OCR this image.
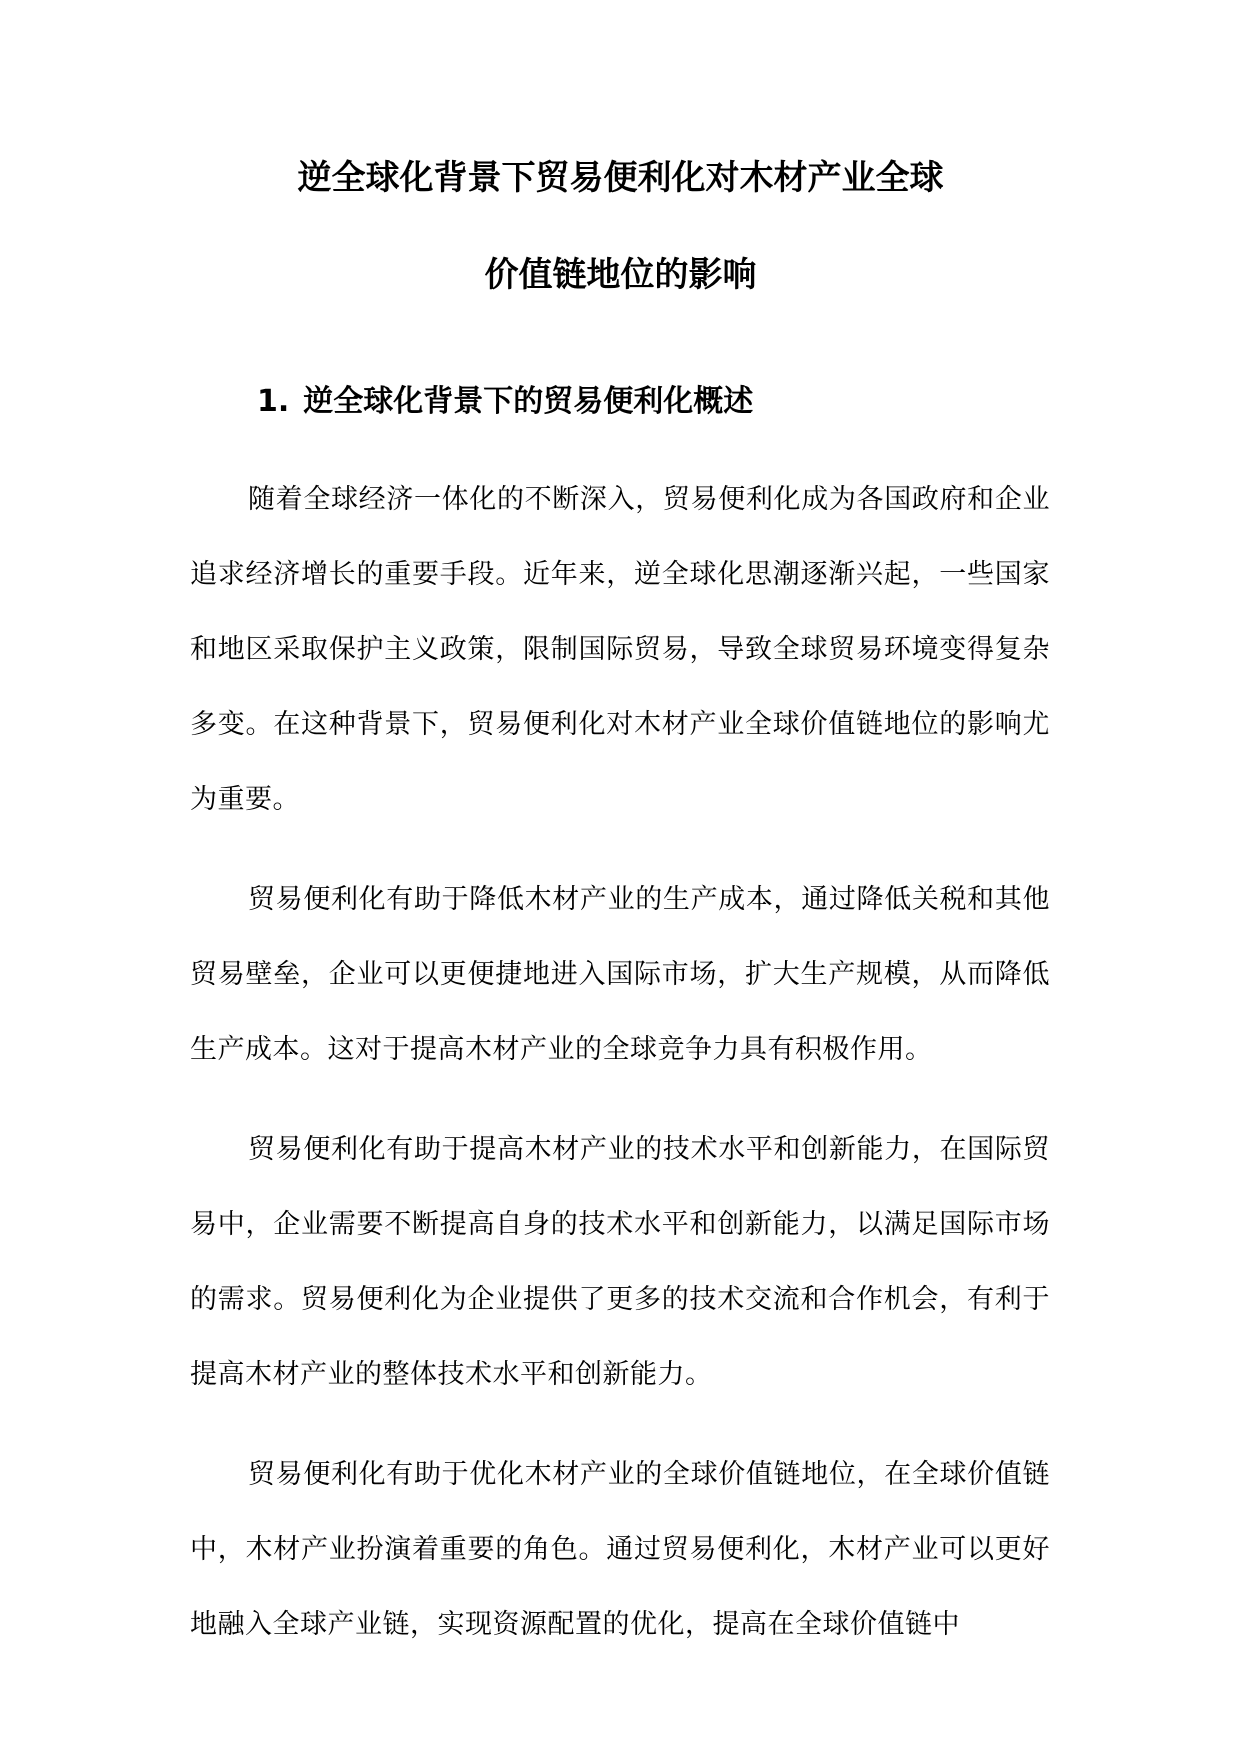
逆全球化背景下贸易便利化对木材产业全球
价值链地位的影响
1. 逆全球化背景下的贸易便利化概述

随着全球经济一体化的不断深入，贸易便利化成为各国政府和企业追求经济增长的重要手段。近年来，逆全球化思潮逐渐兴起，一些国家和地区采取保护主义政策，限制国际贸易，导致全球贸易环境变得复杂多变。在这种背景下，贸易便利化对木材产业全球价值链地位的影响尤为重要。

贸易便利化有助于降低木材产业的生产成本，通过降低关税和其他贸易壁垒，企业可以更便捷地进入国际市场，扩大生产规模，从而降低生产成本。这对于提高木材产业的全球竞争力具有积极作用。

贸易便利化有助于提高木材产业的技术水平和创新能力，在国际贸易中，企业需要不断提高自身的技术水平和创新能力，以满足国际市场的需求。贸易便利化为企业提供了更多的技术交流和合作机会，有利于提高木材产业的整体技术水平和创新能力。

贸易便利化有助于优化木材产业的全球价值链地位，在全球价值链中，木材产业扮演着重要的角色。通过贸易便利化，木材产业可以更好地融入全球产业链，实现资源配置的优化，提高在全球价值链中
